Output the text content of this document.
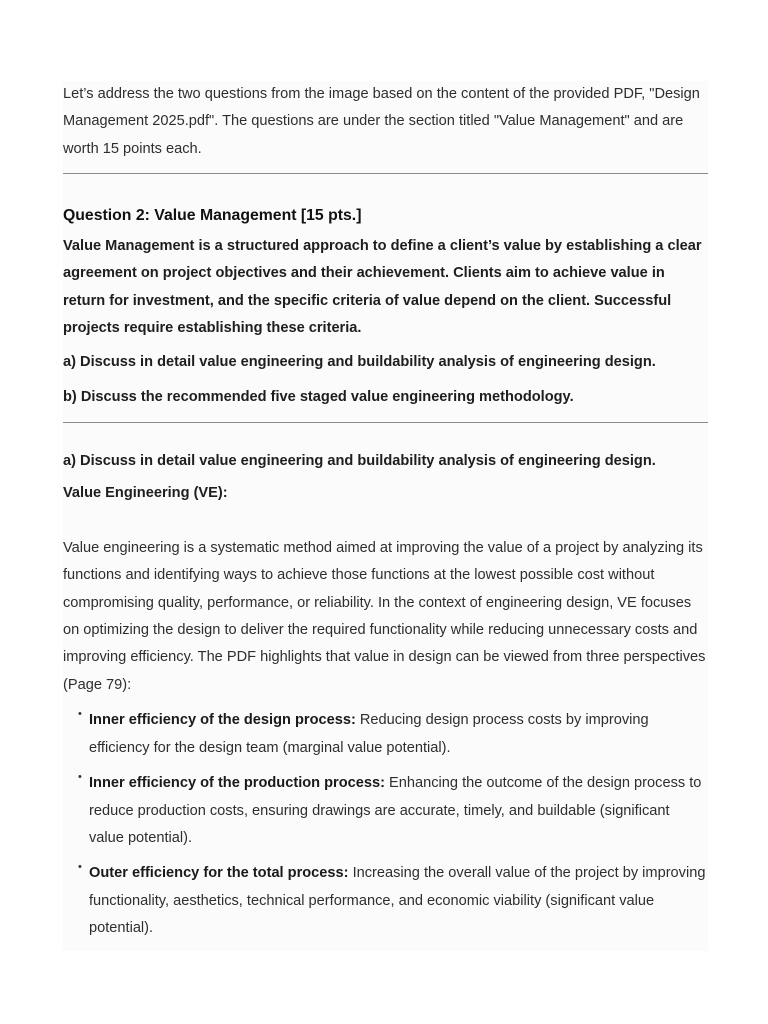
Let’s address the two questions from the image based on the content of the provided PDF, "Design Management 2025.pdf". The questions are under the section titled "Value Management" and are worth 15 points each.

Question 2: Value Management [15 pts.]

Value Management is a structured approach to define a client’s value by establishing a clear agreement on project objectives and their achievement. Clients aim to achieve value in return for investment, and the specific criteria of value depend on the client. Successful projects require establishing these criteria.

a) Discuss in detail value engineering and buildability analysis of engineering design.

b) Discuss the recommended five staged value engineering methodology.

a) Discuss in detail value engineering and buildability analysis of engineering design.

Value Engineering (VE):

Value engineering is a systematic method aimed at improving the value of a project by analyzing its functions and identifying ways to achieve those functions at the lowest possible cost without compromising quality, performance, or reliability. In the context of engineering design, VE focuses on optimizing the design to deliver the required functionality while reducing unnecessary costs and improving efficiency. The PDF highlights that value in design can be viewed from three perspectives (Page 79):

• Inner efficiency of the design process: Reducing design process costs by improving efficiency for the design team (marginal value potential).
• Inner efficiency of the production process: Enhancing the outcome of the design process to reduce production costs, ensuring drawings are accurate, timely, and buildable (significant value potential).
• Outer efficiency for the total process: Increasing the overall value of the project by improving functionality, aesthetics, technical performance, and economic viability (significant value potential).
